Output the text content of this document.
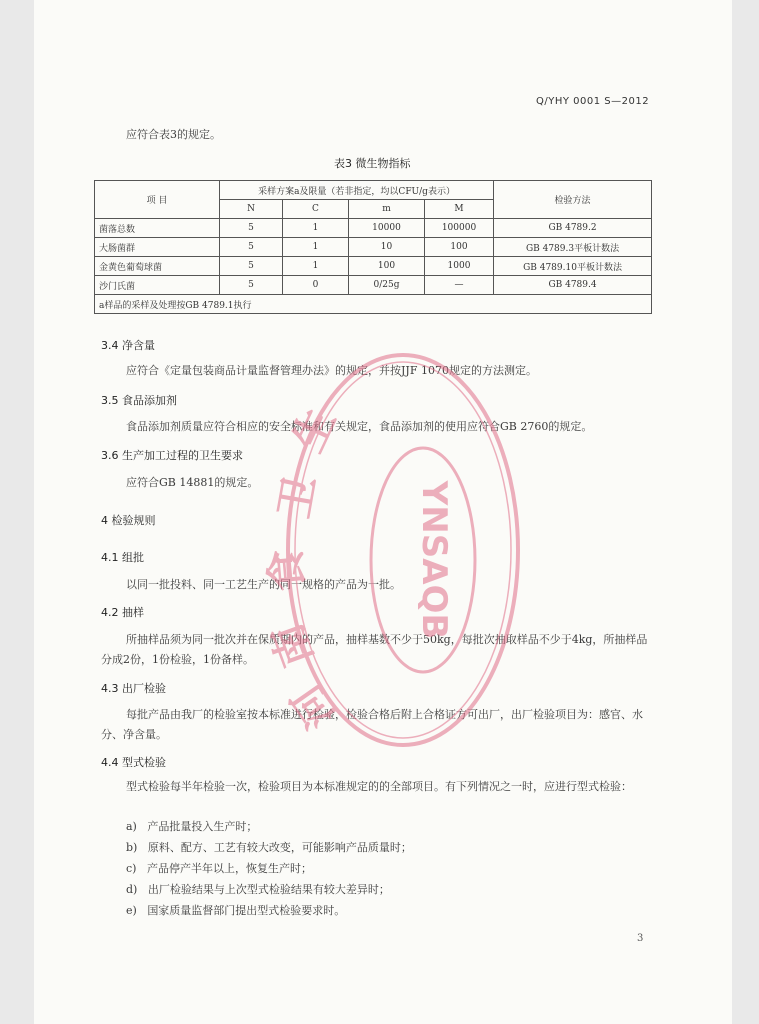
Q/YHY 0001 S—2012
应符合表3的规定。
表3 微生物指标
项 目	采样方案a及限量（若非指定，均以CFU/g表示）				检验方法
	N	C	m	M	
菌落总数	5	1	10000	100000	GB 4789.2
大肠菌群	5	1	10	100	GB 4789.3平板计数法
金黄色葡萄球菌	5	1	100	1000	GB 4789.10平板计数法
沙门氏菌	5	0	0/25g	—	GB 4789.4
a样品的采样及处理按GB 4789.1执行					
3.4 净含量
应符合《定量包装商品计量监督管理办法》的规定，并按JJF 1070规定的方法测定。
3.5 食品添加剂
食品添加剂质量应符合相应的安全标准和有关规定，食品添加剂的使用应符合GB 2760的规定。
3.6 生产加工过程的卫生要求
应符合GB 14881的规定。
4 检验规则
4.1 组批
以同一批投料、同一工艺生产的同一规格的产品为一批。
4.2 抽样
所抽样品须为同一批次并在保质期内的产品，抽样基数不少于50kg，每批次抽取样品不少于4kg，所抽样品分成2份，1份检验，1份备样。
4.3 出厂检验
每批产品由我厂的检验室按本标准进行检验，检验合格后附上合格证方可出厂，出厂检验项目为：感官、水分、净含量。
4.4 型式检验
型式检验每半年检验一次，检验项目为本标准规定的的全部项目。有下列情况之一时，应进行型式检验：
a) 产品批量投入生产时；
b) 原料、配方、工艺有较大改变，可能影响产品质量时；
c) 产品停产半年以上，恢复生产时；
d) 出厂检验结果与上次型式检验结果有较大差异时；
e) 国家质量监督部门提出型式检验要求时。
3
YNSAQB
生
卫
食
南
河
